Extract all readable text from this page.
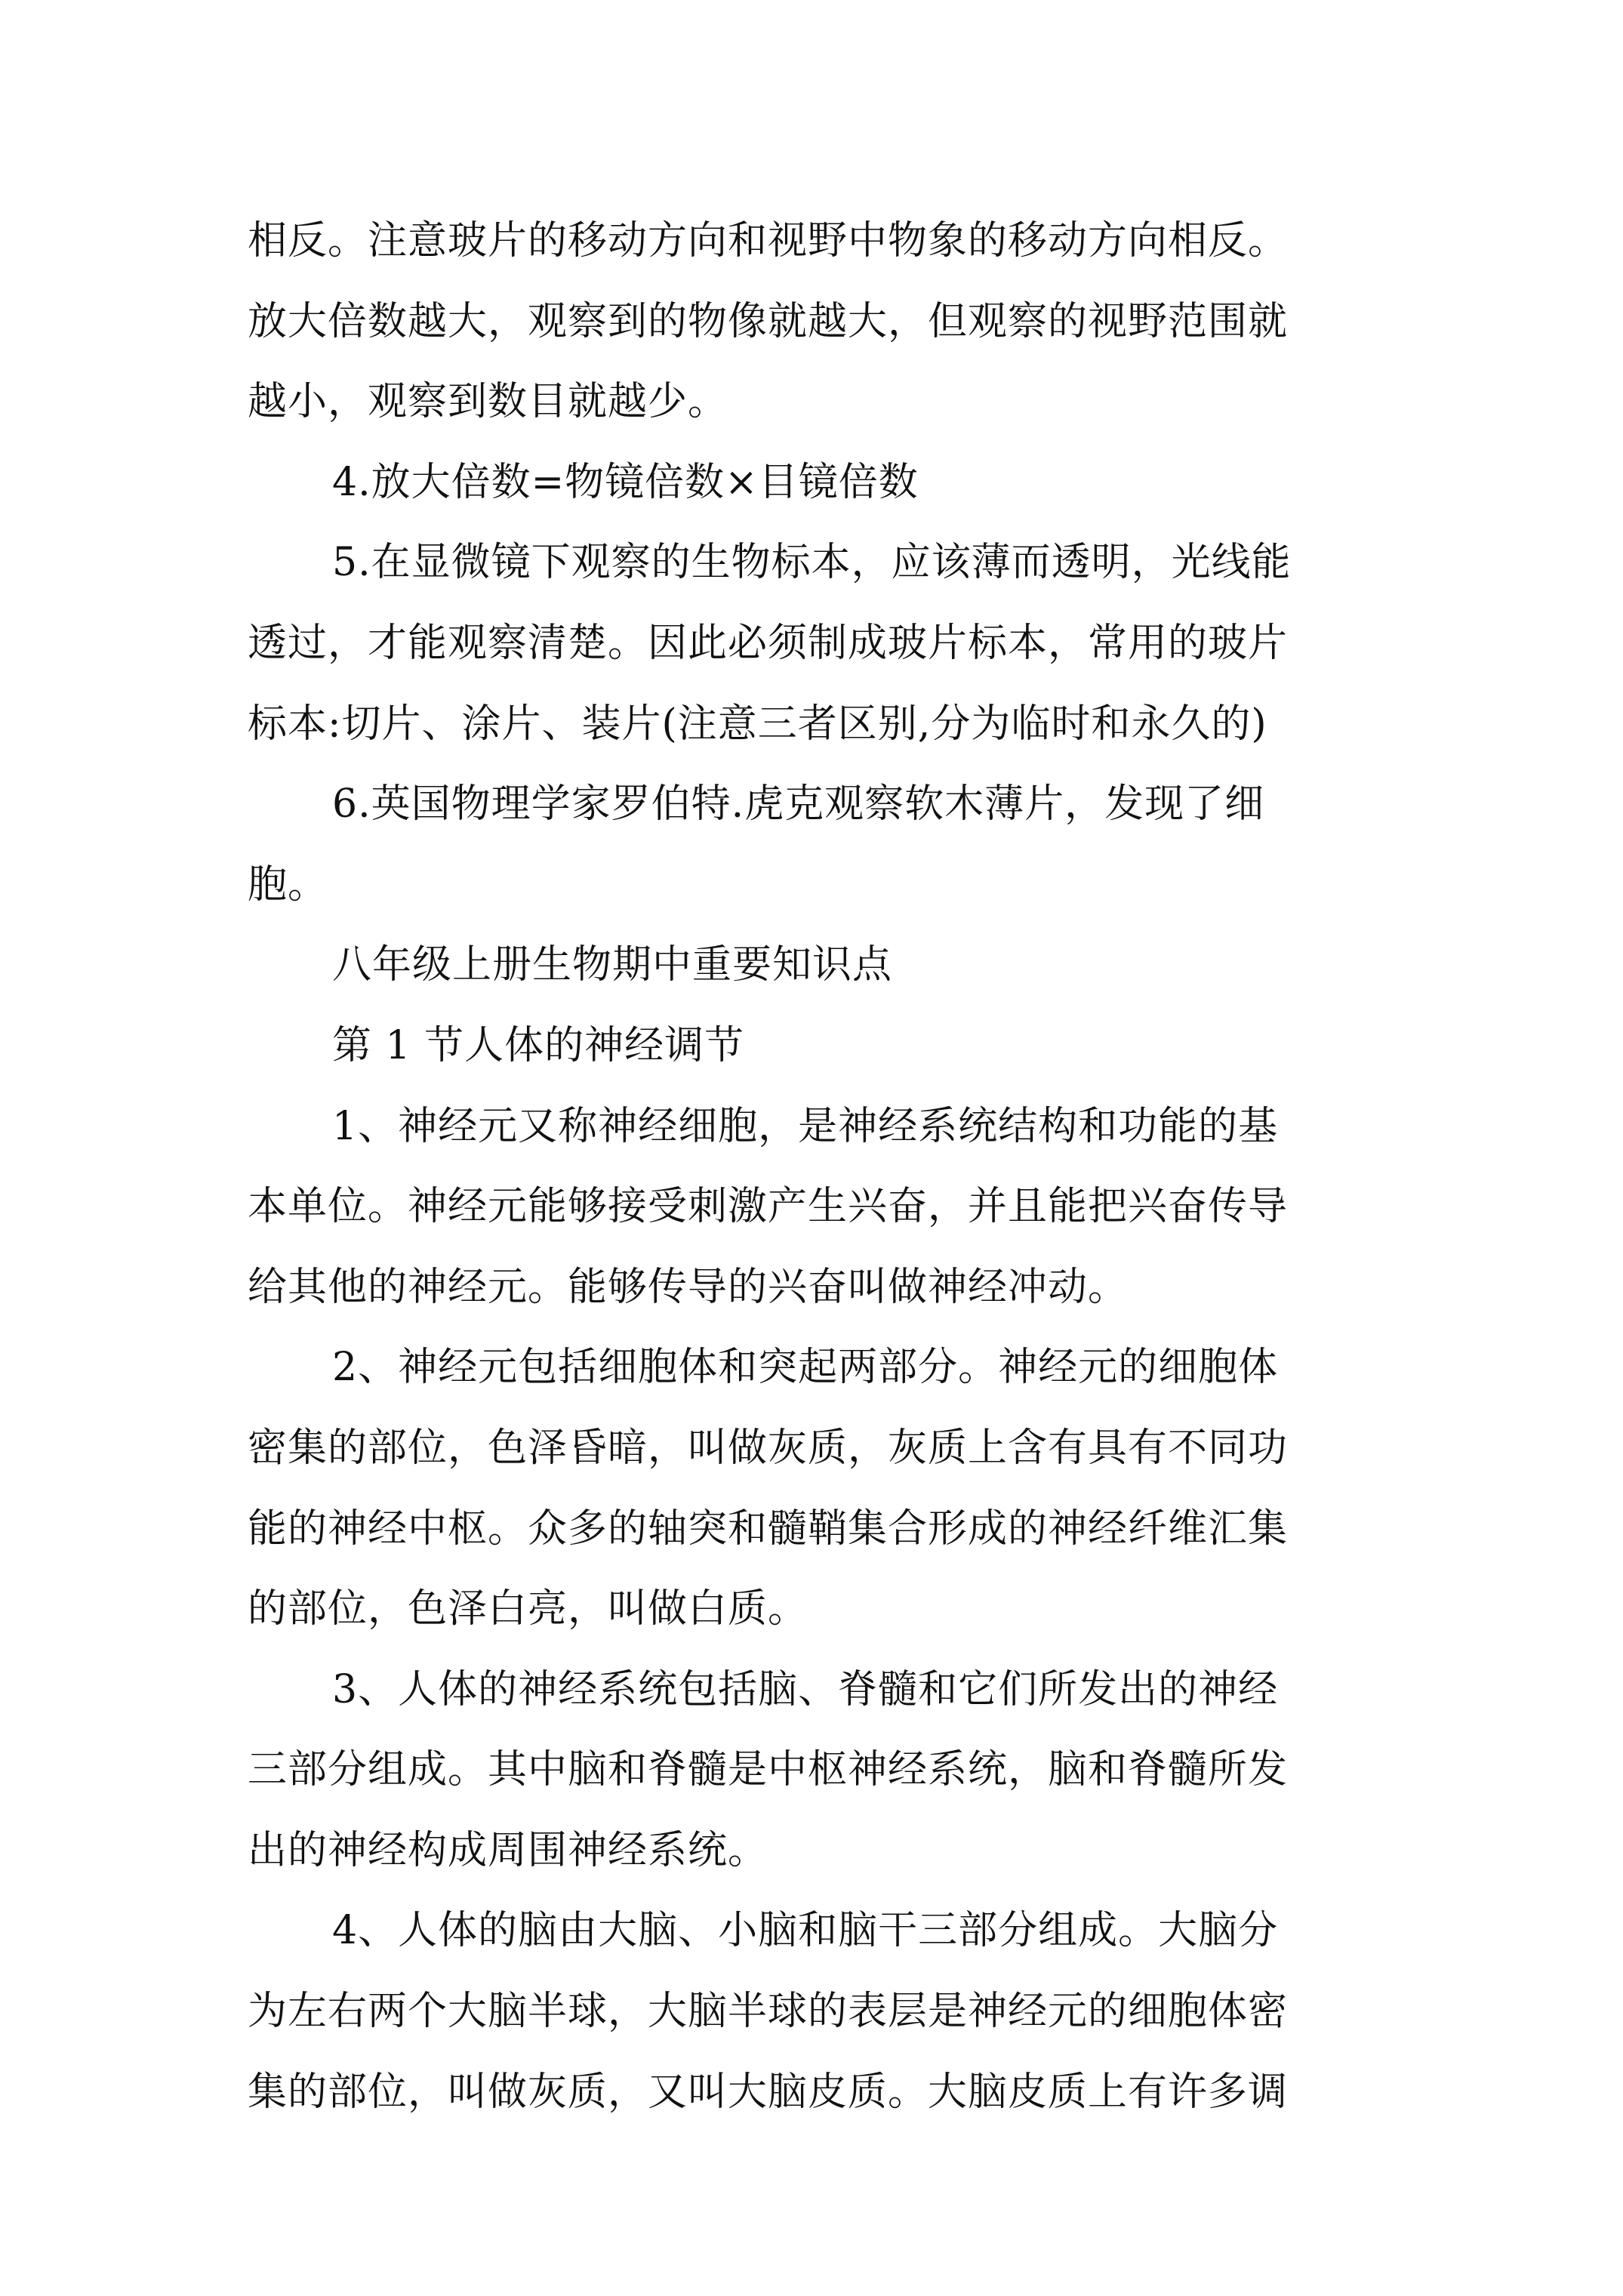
相反。注意玻片的移动方向和视野中物象的移动方向相反。
放大倍数越大，观察到的物像就越大，但观察的视野范围就
越小，观察到数目就越少。
4.放大倍数=物镜倍数×目镜倍数
5.在显微镜下观察的生物标本，应该薄而透明，光线能
透过，才能观察清楚。因此必须制成玻片标本，常用的玻片
标本:切片、涂片、装片(注意三者区别,分为临时和永久的)
6.英国物理学家罗伯特.虎克观察软木薄片，发现了细
胞。
八年级上册生物期中重要知识点
第 1 节人体的神经调节
1、神经元又称神经细胞，是神经系统结构和功能的基
本单位。神经元能够接受刺激产生兴奋，并且能把兴奋传导
给其他的神经元。能够传导的兴奋叫做神经冲动。
2、神经元包括细胞体和突起两部分。神经元的细胞体
密集的部位，色泽昏暗，叫做灰质，灰质上含有具有不同功
能的神经中枢。众多的轴突和髓鞘集合形成的神经纤维汇集
的部位，色泽白亮，叫做白质。
3、人体的神经系统包括脑、脊髓和它们所发出的神经
三部分组成。其中脑和脊髓是中枢神经系统，脑和脊髓所发
出的神经构成周围神经系统。
4、人体的脑由大脑、小脑和脑干三部分组成。大脑分
为左右两个大脑半球，大脑半球的表层是神经元的细胞体密
集的部位，叫做灰质，又叫大脑皮质。大脑皮质上有许多调
